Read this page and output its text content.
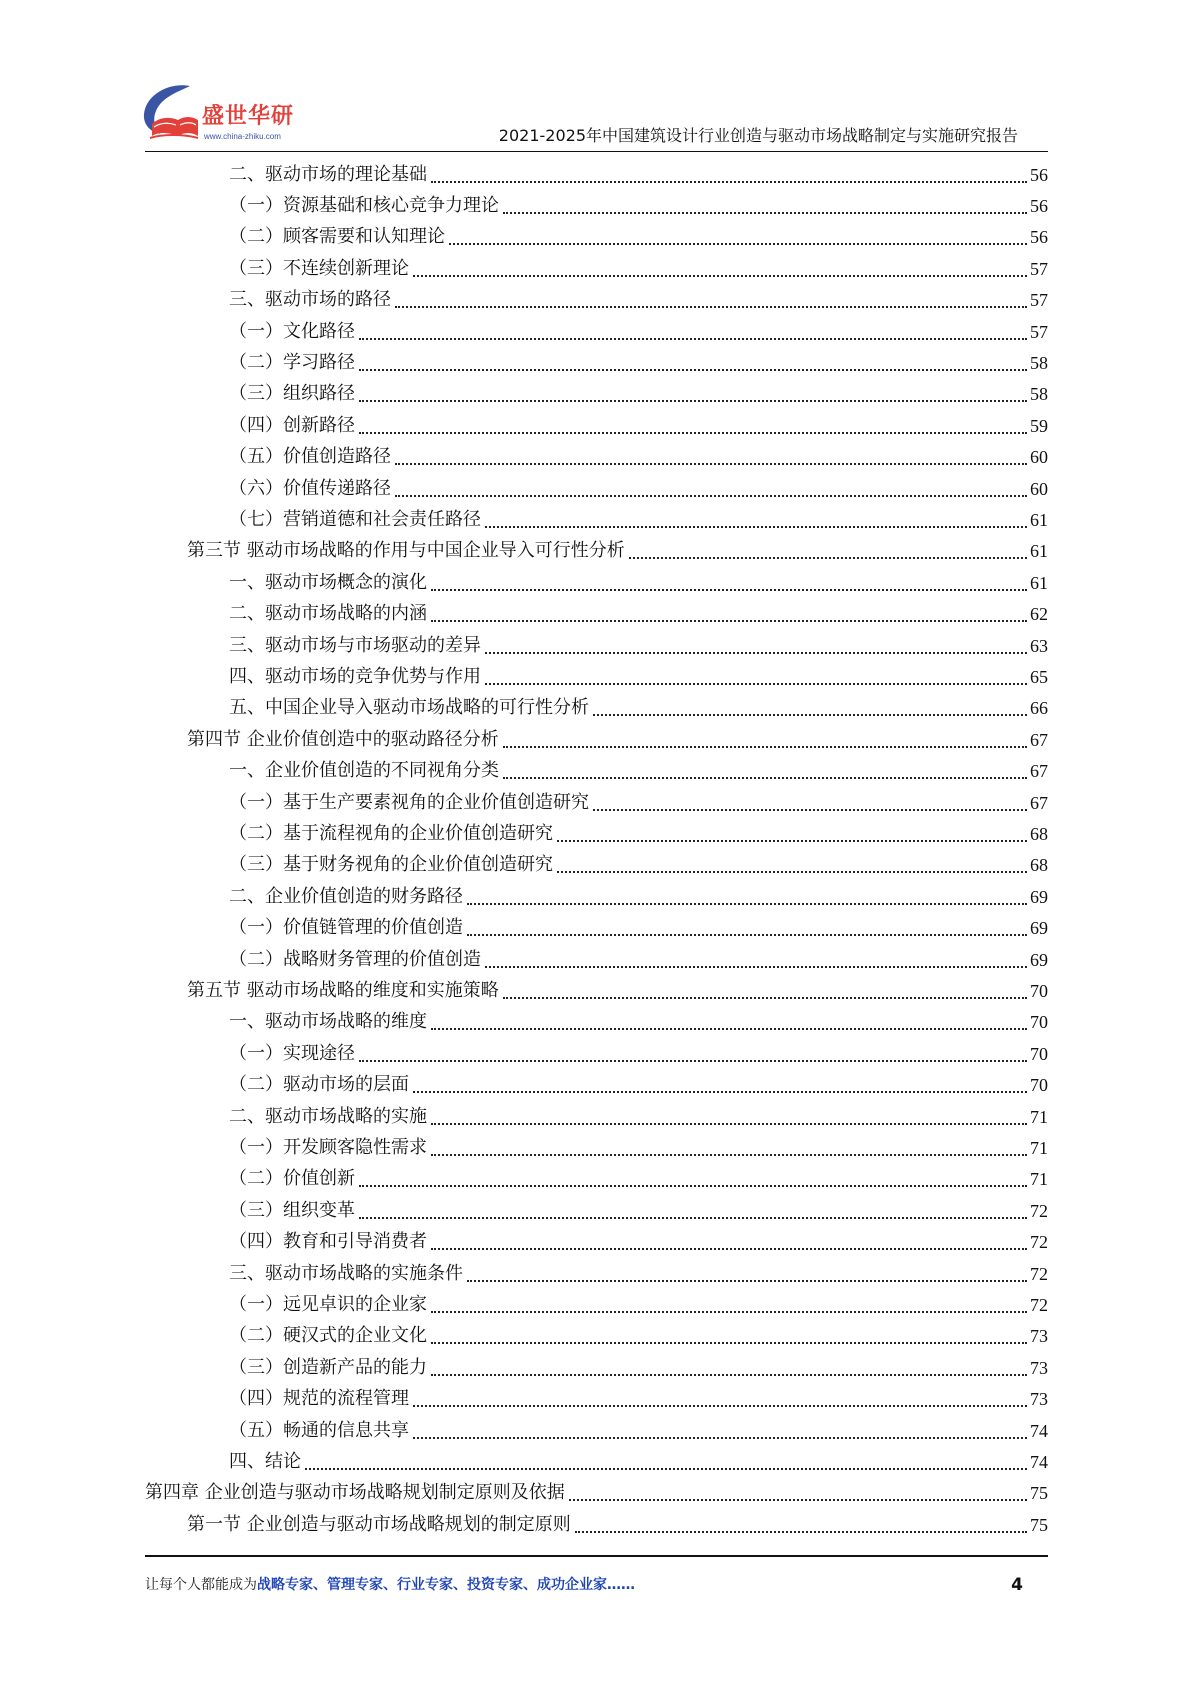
盛世华研
www.china-zhiku.com	2021-2025年中国建筑设计行业创造与驱动市场战略制定与实施研究报告
二、驱动市场的理论基础	56
（一）资源基础和核心竞争力理论	56
（二）顾客需要和认知理论	56
（三）不连续创新理论	57
三、驱动市场的路径	57
（一）文化路径	57
（二）学习路径	58
（三）组织路径	58
（四）创新路径	59
（五）价值创造路径	60
（六）价值传递路径	60
（七）营销道德和社会责任路径	61
第三节 驱动市场战略的作用与中国企业导入可行性分析	61
一、驱动市场概念的演化	61
二、驱动市场战略的内涵	62
三、驱动市场与市场驱动的差异	63
四、驱动市场的竞争优势与作用	65
五、中国企业导入驱动市场战略的可行性分析	66
第四节 企业价值创造中的驱动路径分析	67
一、企业价值创造的不同视角分类	67
（一）基于生产要素视角的企业价值创造研究	67
（二）基于流程视角的企业价值创造研究	68
（三）基于财务视角的企业价值创造研究	68
二、企业价值创造的财务路径	69
（一）价值链管理的价值创造	69
（二）战略财务管理的价值创造	69
第五节 驱动市场战略的维度和实施策略	70
一、驱动市场战略的维度	70
（一）实现途径	70
（二）驱动市场的层面	70
二、驱动市场战略的实施	71
（一）开发顾客隐性需求	71
（二）价值创新	71
（三）组织变革	72
（四）教育和引导消费者	72
三、驱动市场战略的实施条件	72
（一）远见卓识的企业家	72
（二）硬汉式的企业文化	73
（三）创造新产品的能力	73
（四）规范的流程管理	73
（五）畅通的信息共享	74
四、结论	74
第四章 企业创造与驱动市场战略规划制定原则及依据	75
第一节 企业创造与驱动市场战略规划的制定原则	75
让每个人都能成为战略专家、管理专家、行业专家、投资专家、成功企业家……	4
